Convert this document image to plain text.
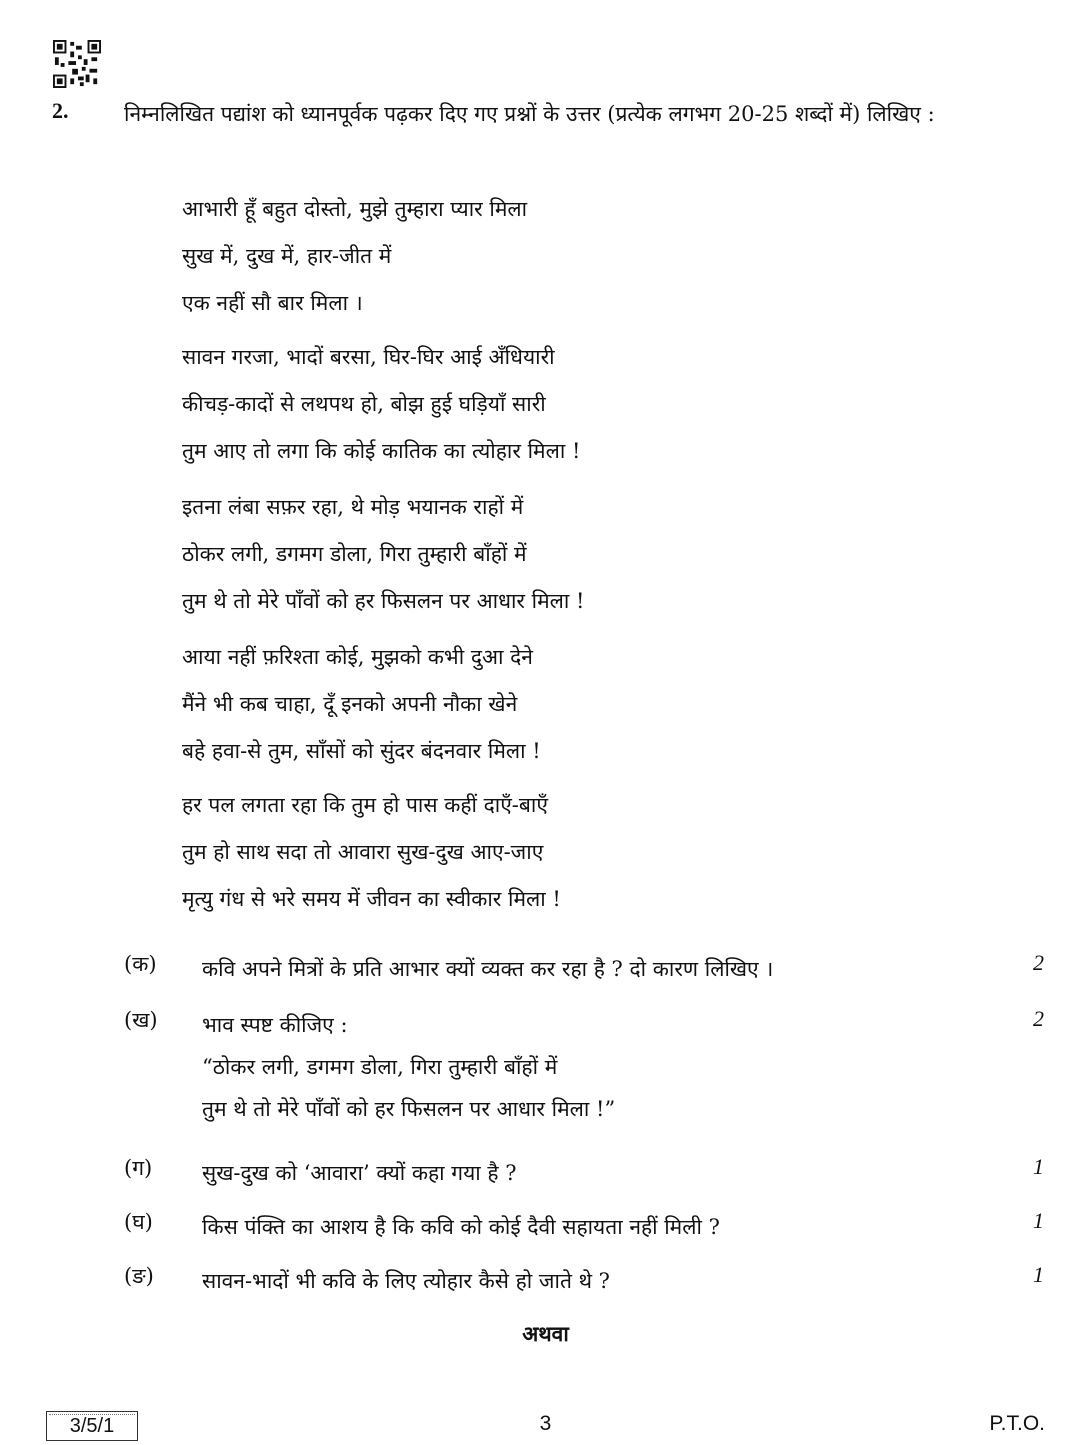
2.	निम्नलिखित पद्यांश को ध्यानपूर्वक पढ़कर दिए गए प्रश्नों के उत्तर (प्रत्येक लगभग 20-25 शब्दों में) लिखिए :
आभारी हूँ बहुत दोस्तो, मुझे तुम्हारा प्यार मिला
सुख में, दुख में, हार-जीत में
एक नहीं सौ बार मिला ।
सावन गरजा, भादों बरसा, घिर-घिर आई अँधियारी
कीचड़-कादों से लथपथ हो, बोझ हुई घड़ियाँ सारी
तुम आए तो लगा कि कोई कातिक का त्योहार मिला !
इतना लंबा सफ़र रहा, थे मोड़ भयानक राहों में
ठोकर लगी, डगमग डोला, गिरा तुम्हारी बाँहों में
तुम थे तो मेरे पाँवों को हर फिसलन पर आधार मिला !
आया नहीं फ़रिश्ता कोई, मुझको कभी दुआ देने
मैंने भी कब चाहा, दूँ इनको अपनी नौका खेने
बहे हवा-से तुम, साँसों को सुंदर बंदनवार मिला !
हर पल लगता रहा कि तुम हो पास कहीं दाएँ-बाएँ
तुम हो साथ सदा तो आवारा सुख-दुख आए-जाए
मृत्यु गंध से भरे समय में जीवन का स्वीकार मिला !
(क) कवि अपने मित्रों के प्रति आभार क्यों व्यक्त कर रहा है ? दो कारण लिखिए ।	2
(ख) भाव स्पष्ट कीजिए :
“ठोकर लगी, डगमग डोला, गिरा तुम्हारी बाँहों में
तुम थे तो मेरे पाँवों को हर फिसलन पर आधार मिला !”
2
(ग) सुख-दुख को ‘आवारा’ क्यों कहा गया है ?	1
(घ) किस पंक्ति का आशय है कि कवि को कोई दैवी सहायता नहीं मिली ?	1
(ङ) सावन-भादों भी कवि के लिए त्योहार कैसे हो जाते थे ?	1
अथवा
3/5/1	3	P.T.O.
